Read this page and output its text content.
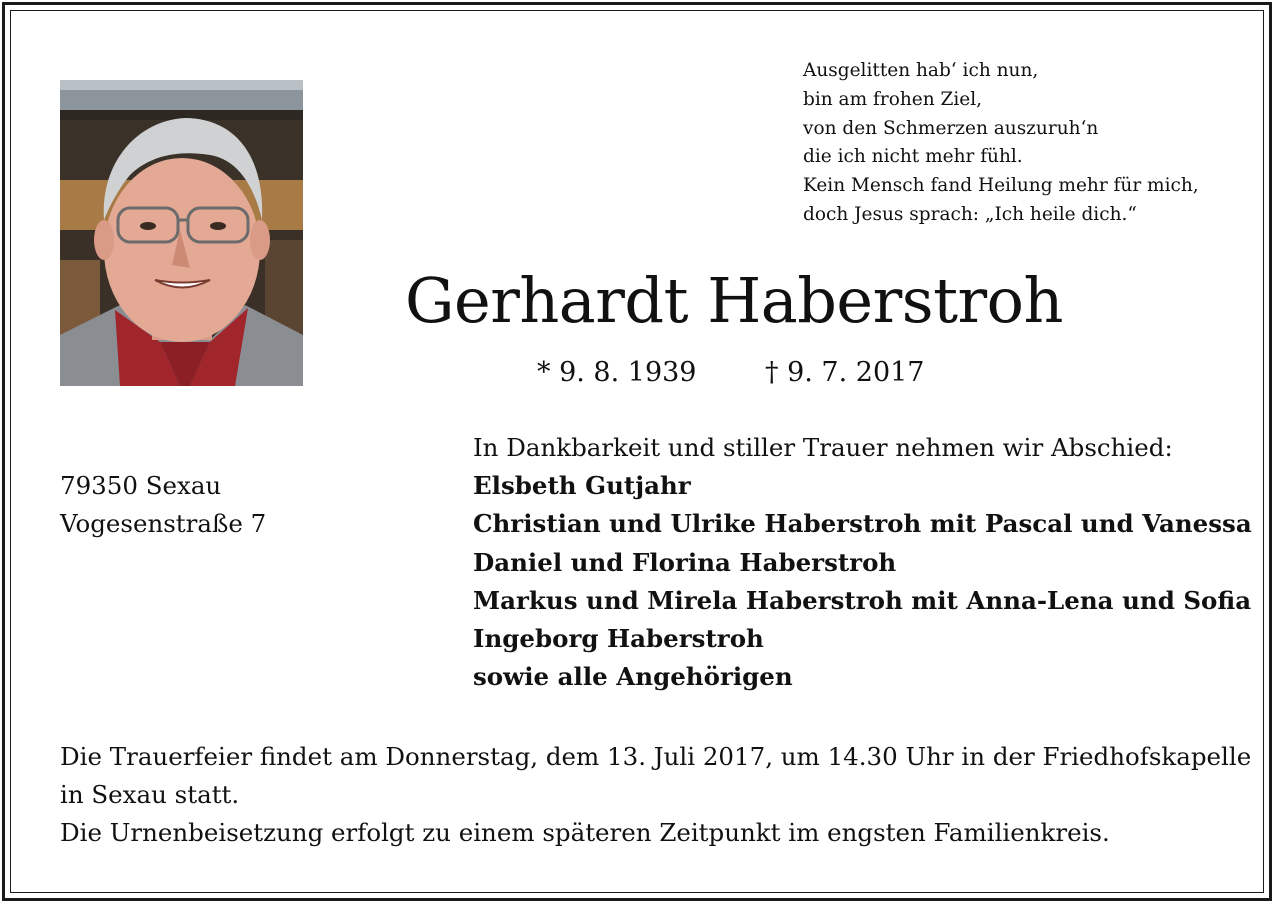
Ausgelitten hab‘ ich nun,
bin am frohen Ziel,
von den Schmerzen auszuruh‘n
die ich nicht mehr fühl.
Kein Mensch fand Heilung mehr für mich,
doch Jesus sprach: „Ich heile dich.“
Gerhardt Haberstroh
* 9. 8. 1939	† 9. 7. 2017
79350 Sexau
Vogesenstraße 7
In Dankbarkeit und stiller Trauer nehmen wir Abschied:
Elsbeth Gutjahr
Christian und Ulrike Haberstroh mit Pascal und Vanessa
Daniel und Florina Haberstroh
Markus und Mirela Haberstroh mit Anna-Lena und Sofia
Ingeborg Haberstroh
sowie alle Angehörigen
Die Trauerfeier findet am Donnerstag, dem 13. Juli 2017, um 14.30 Uhr in der Friedhofskapelle
in Sexau statt.
Die Urnenbeisetzung erfolgt zu einem späteren Zeitpunkt im engsten Familienkreis.
